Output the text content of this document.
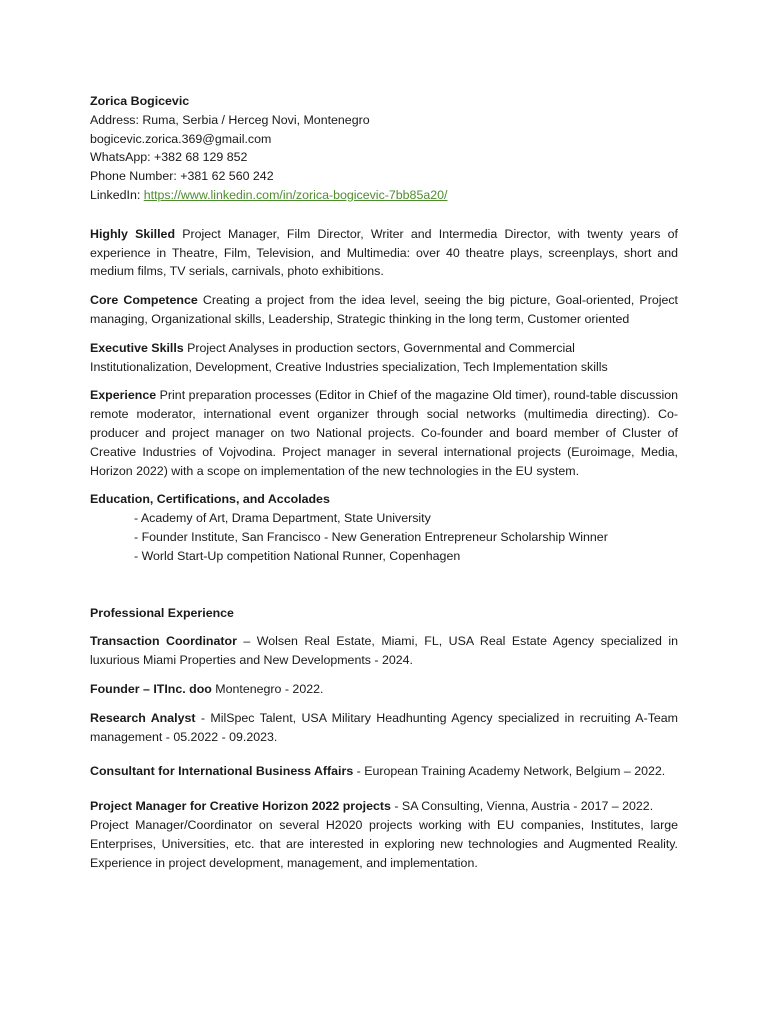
Zorica Bogicevic

Address: Ruma, Serbia / Herceg Novi, Montenegro

bogicevic.zorica.369@gmail.com

WhatsApp: +382 68 129 852

Phone Number: +381 62 560 242

LinkedIn: https://www.linkedin.com/in/zorica-bogicevic-7bb85a20/

Highly Skilled Project Manager, Film Director, Writer and Intermedia Director, with twenty years of experience in Theatre, Film, Television, and Multimedia: over 40 theatre plays, screenplays, short and medium films, TV serials, carnivals, photo exhibitions.

Core Competence Creating a project from the idea level, seeing the big picture, Goal-oriented, Project managing, Organizational skills, Leadership, Strategic thinking in the long term, Customer oriented

Executive Skills Project Analyses in production sectors, Governmental and Commercial
Institutionalization, Development, Creative Industries specialization, Tech Implementation skills

Experience Print preparation processes (Editor in Chief of the magazine Old timer), round-table discussion remote moderator, international event organizer through social networks (multimedia directing). Co-producer and project manager on two National projects. Co-founder and board member of Cluster of Creative Industries of Vojvodina. Project manager in several international projects (Euroimage, Media, Horizon 2022) with a scope on implementation of the new technologies in the EU system.

Education, Certifications, and Accolades

- Academy of Art, Drama Department, State University
- Founder Institute, San Francisco - New Generation Entrepreneur Scholarship Winner
- World Start-Up competition National Runner, Copenhagen

Professional Experience

Transaction Coordinator – Wolsen Real Estate, Miami, FL, USA Real Estate Agency specialized in luxurious Miami Properties and New Developments - 2024.

Founder – ITInc. doo Montenegro - 2022.

Research Analyst - MilSpec Talent, USA Military Headhunting Agency specialized in recruiting A-Team management - 05.2022 - 09.2023.

Consultant for International Business Affairs - European Training Academy Network, Belgium – 2022.

Project Manager for Creative Horizon 2022 projects - SA Consulting, Vienna, Austria - 2017 – 2022.

Project Manager/Coordinator on several H2020 projects working with EU companies, Institutes, large Enterprises, Universities, etc. that are interested in exploring new technologies and Augmented Reality. Experience in project development, management, and implementation.
